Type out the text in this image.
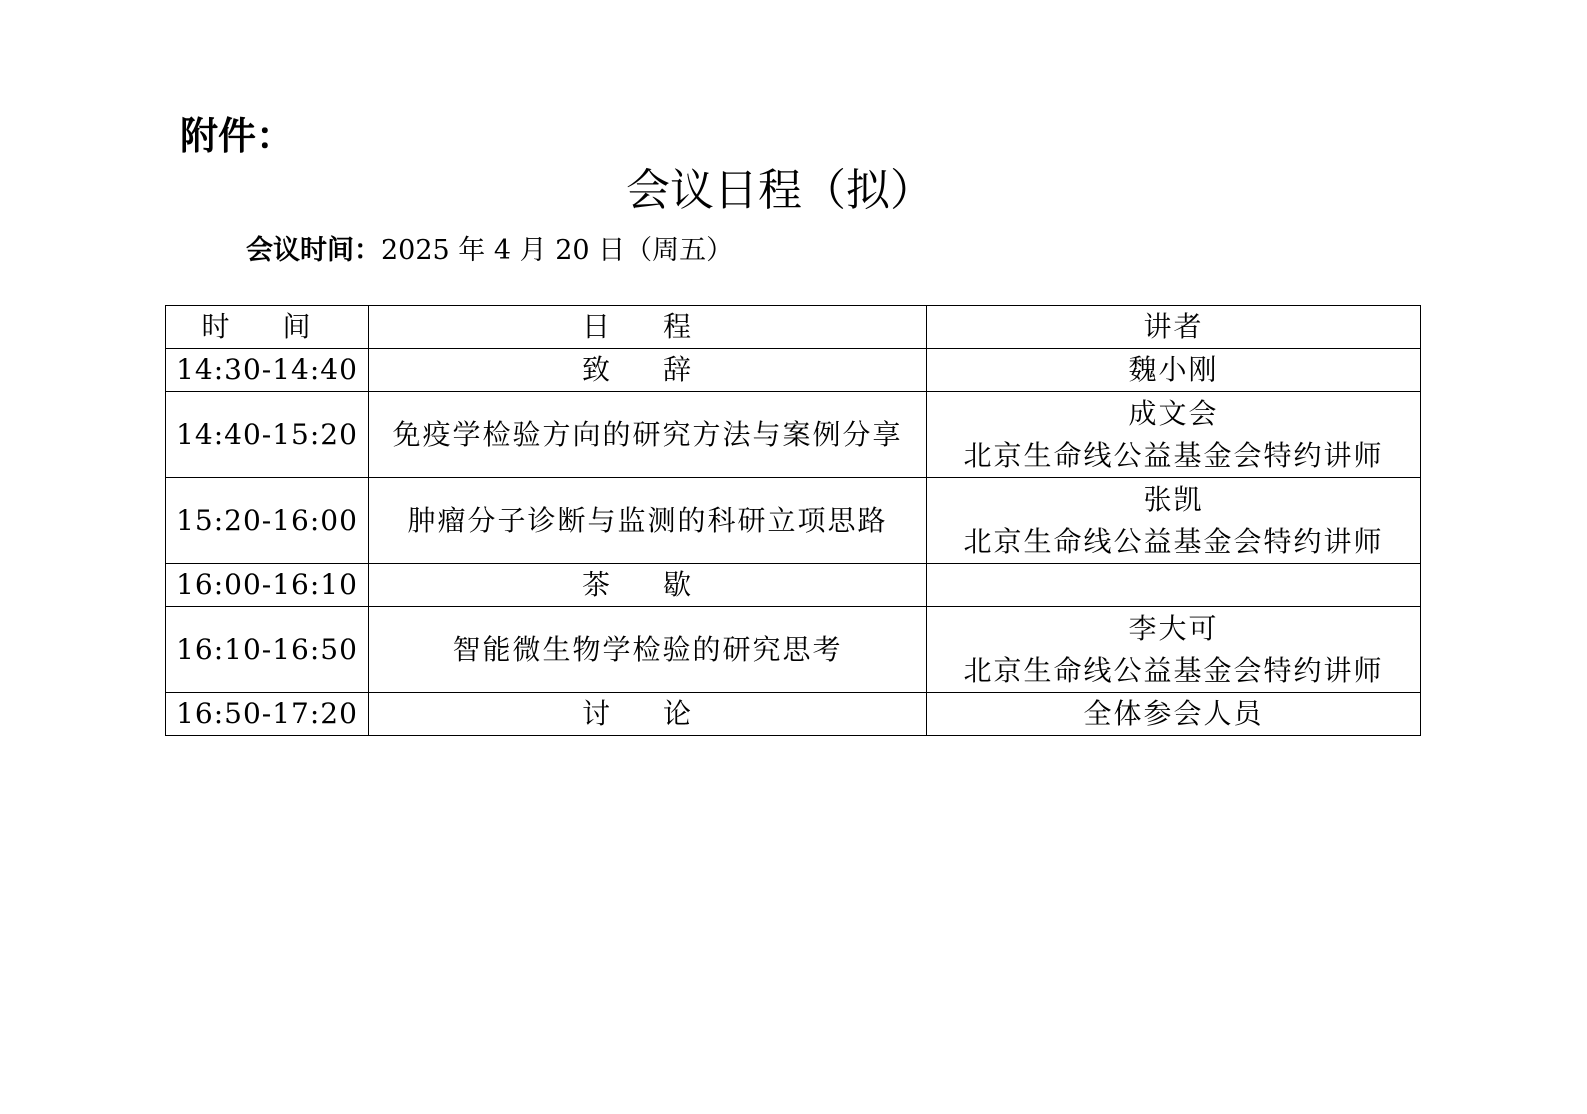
附件：
会议日程（拟）
会议时间：2025 年 4 月 20 日（周五）
时 间	日 程	讲者
14:30-14:40	致 辞	魏小刚
14:40-15:20	免疫学检验方向的研究方法与案例分享	成文会
北京生命线公益基金会特约讲师

15:20-16:00	肿瘤分子诊断与监测的科研立项思路	张凯
北京生命线公益基金会特约讲师

16:00-16:10	茶 歇	
16:10-16:50	智能微生物学检验的研究思考	李大可
北京生命线公益基金会特约讲师

16:50-17:20	讨 论	全体参会人员
